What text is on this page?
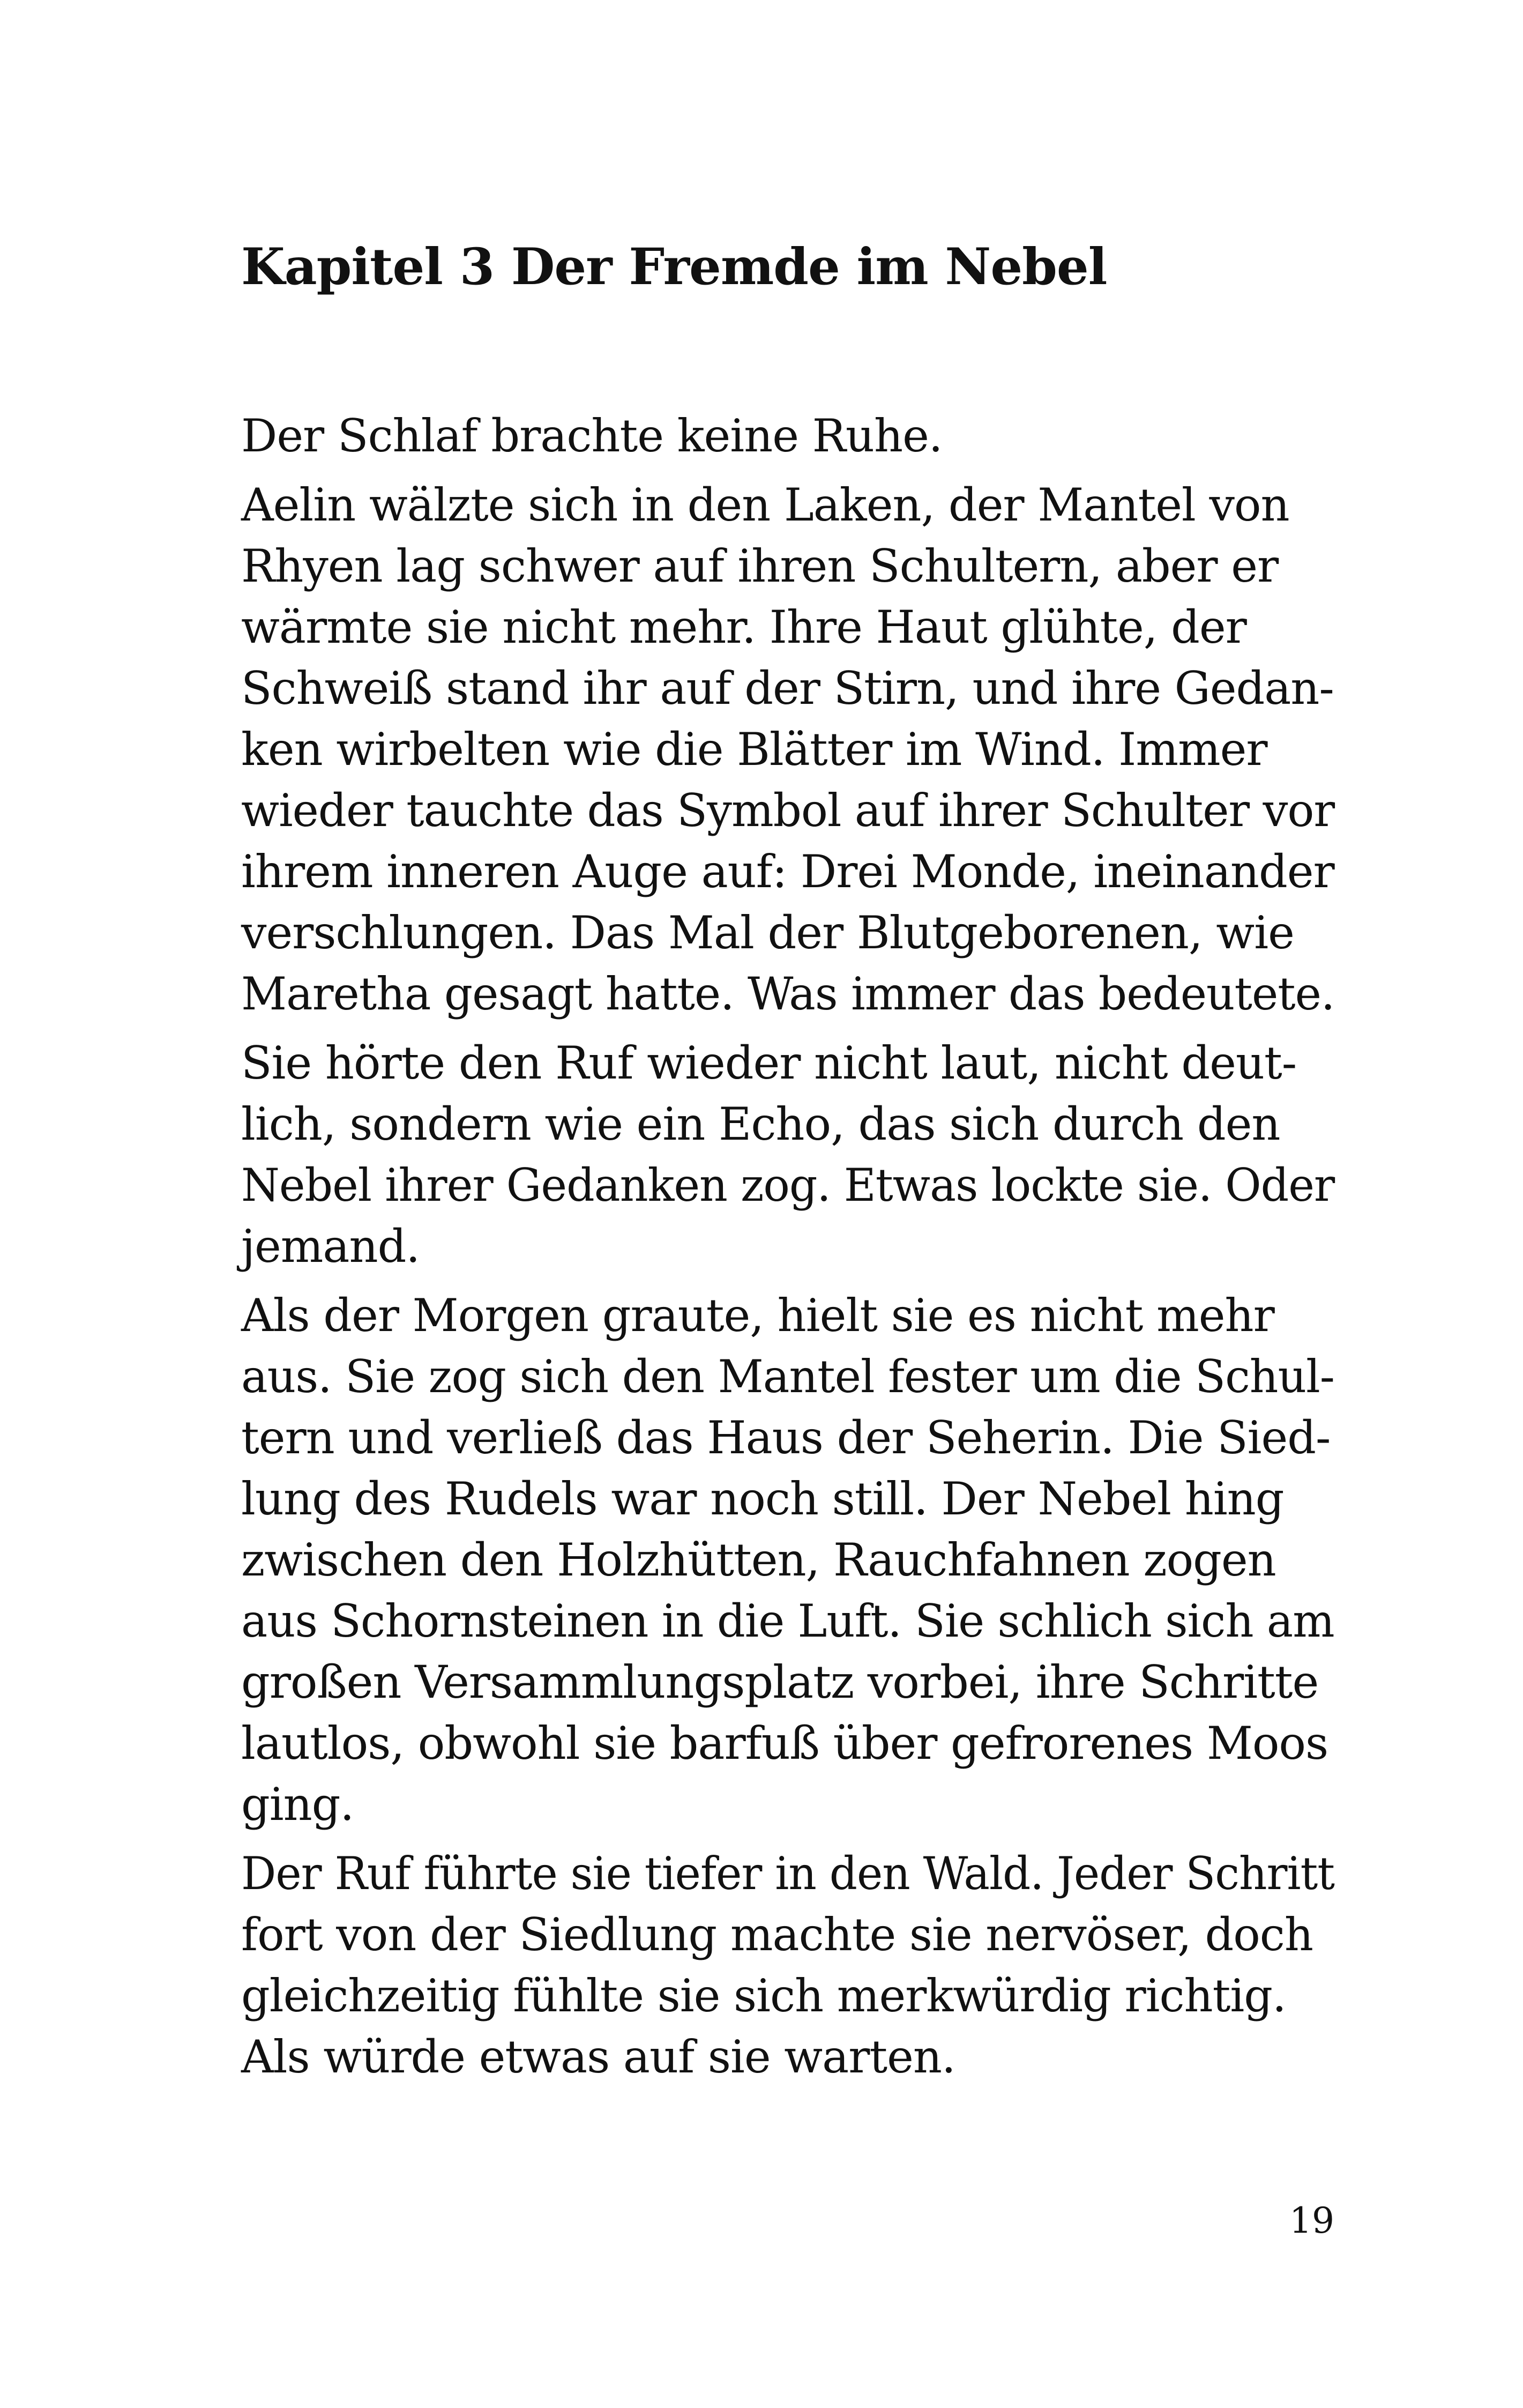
Kapitel 3 Der Fremde im Nebel
Der Schlaf brachte keine Ruhe.
Aelin wälzte sich in den Laken, der Mantel von
Rhyen lag schwer auf ihren Schultern, aber er
wärmte sie nicht mehr. Ihre Haut glühte, der
Schweiß stand ihr auf der Stirn, und ihre Gedan-
ken wirbelten wie die Blätter im Wind. Immer
wieder tauchte das Symbol auf ihrer Schulter vor
ihrem inneren Auge auf: Drei Monde, ineinander
verschlungen. Das Mal der Blutgeborenen, wie
Maretha gesagt hatte. Was immer das bedeutete.
Sie hörte den Ruf wieder nicht laut, nicht deut-
lich, sondern wie ein Echo, das sich durch den
Nebel ihrer Gedanken zog. Etwas lockte sie. Oder
jemand.
Als der Morgen graute, hielt sie es nicht mehr
aus. Sie zog sich den Mantel fester um die Schul-
tern und verließ das Haus der Seherin. Die Sied-
lung des Rudels war noch still. Der Nebel hing
zwischen den Holzhütten, Rauchfahnen zogen
aus Schornsteinen in die Luft. Sie schlich sich am
großen Versammlungsplatz vorbei, ihre Schritte
lautlos, obwohl sie barfuß über gefrorenes Moos
ging.
Der Ruf führte sie tiefer in den Wald. Jeder Schritt
fort von der Siedlung machte sie nervöser, doch
gleichzeitig fühlte sie sich merkwürdig richtig.
Als würde etwas auf sie warten.
19
